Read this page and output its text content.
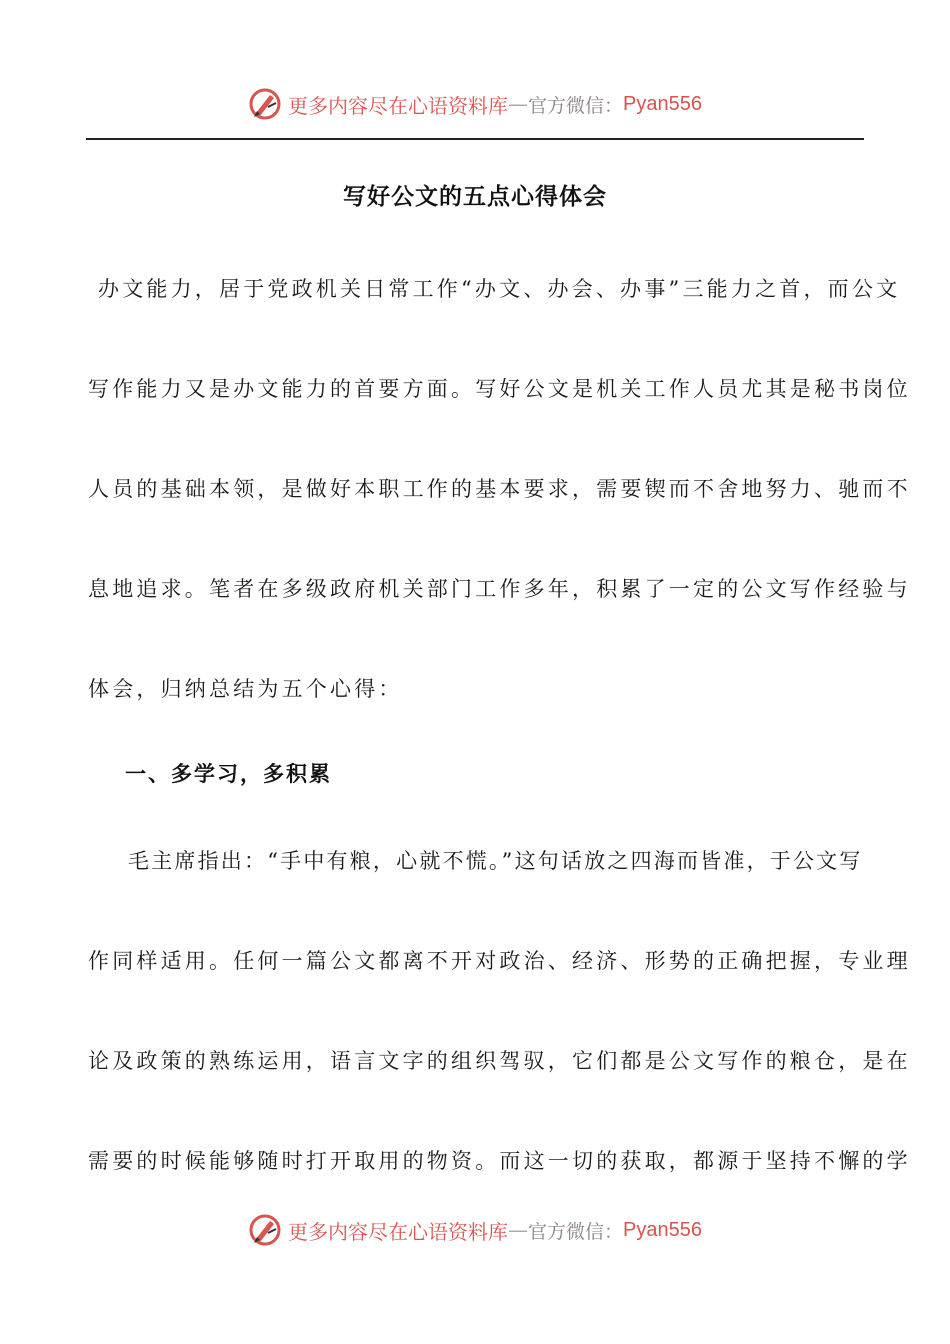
更多内容尽在心语资料库 — 官方微信： Pyan556
写好公文的五点心得体会
办文能力，居于党政机关日常工作“办文、办会、办事”三能力之首，而公文
写作能力又是办文能力的首要方面。写好公文是机关工作人员尤其是秘书岗位
人员的基础本领，是做好本职工作的基本要求，需要锲而不舍地努力、驰而不
息地追求。笔者在多级政府机关部门工作多年，积累了一定的公文写作经验与
体会，归纳总结为五个心得：
一、多学习，多积累
毛主席指出：“手中有粮，心就不慌。”这句话放之四海而皆准，于公文写
作同样适用。任何一篇公文都离不开对政治、经济、形势的正确把握，专业理
论及政策的熟练运用，语言文字的组织驾驭，它们都是公文写作的粮仓，是在
需要的时候能够随时打开取用的物资。而这一切的获取，都源于坚持不懈的学
更多内容尽在心语资料库 — 官方微信： Pyan556
